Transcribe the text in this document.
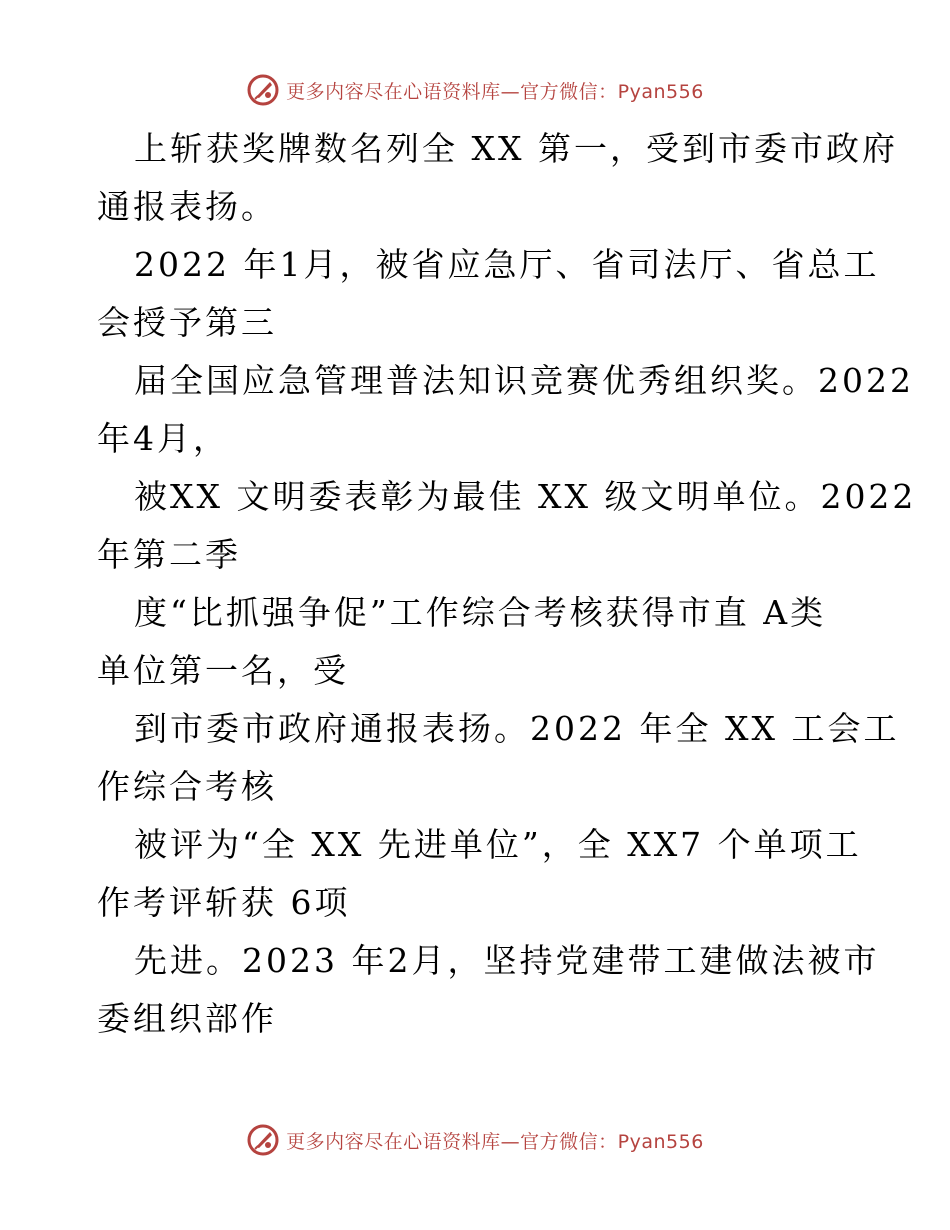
更多内容尽在心语资料库—官方微信：Pyan556

上斩获奖牌数名列全 XX 第一，受到市委市政府

通报表扬。

2022 年1月，被省应急厅、省司法厅、省总工

会授予第三

届全国应急管理普法知识竞赛优秀组织奖。2022

年4月，

被XX 文明委表彰为最佳 XX 级文明单位。2022

年第二季

度“比抓强争促”工作综合考核获得市直 A类

单位第一名，受

到市委市政府通报表扬。2022 年全 XX 工会工

作综合考核

被评为“全 XX 先进单位”，全 XX7 个单项工

作考评斩获 6项

先进。2023 年2月，坚持党建带工建做法被市

委组织部作

更多内容尽在心语资料库—官方微信：Pyan556
